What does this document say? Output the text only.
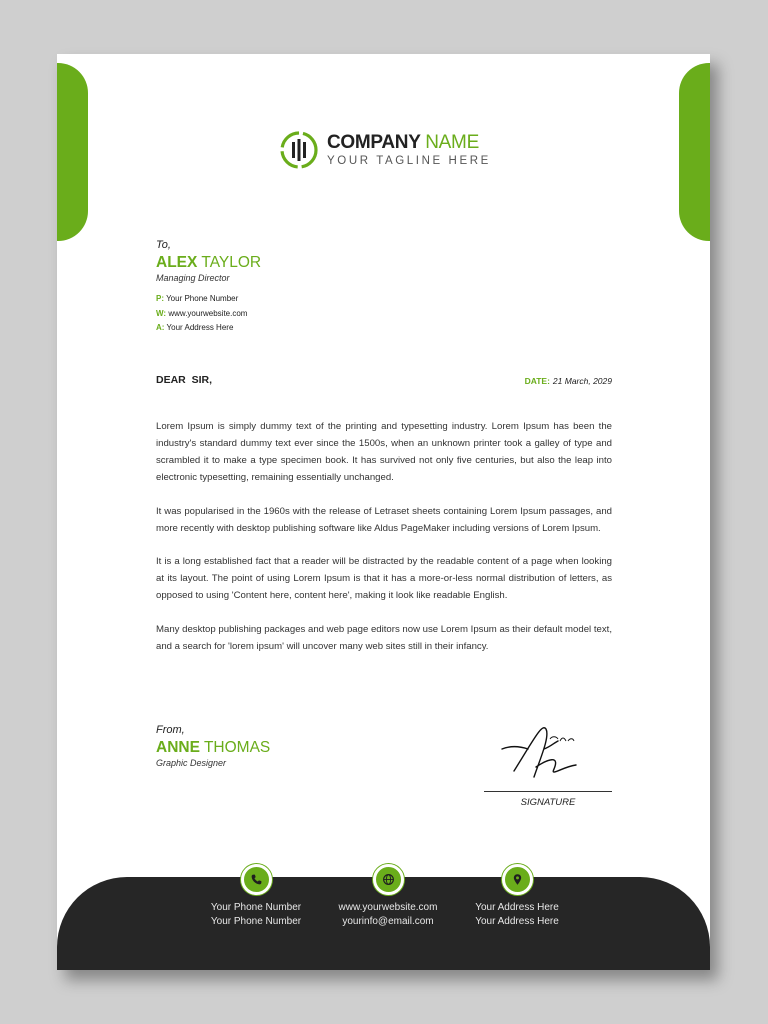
COMPANY NAME
YOUR TAGLINE HERE
To,
ALEX TAYLOR
Managing Director
P: Your Phone Number
W: www.yourwebsite.com
A: Your Address Here
DEAR  SIR,	DATE: 21 March, 2029

Lorem Ipsum is simply dummy text of the printing and typesetting industry. Lorem Ipsum has been the industry's standard dummy text ever since the 1500s, when an unknown printer took a galley of type and scrambled it to make a type specimen book. It has survived not only five centuries, but also the leap into electronic typesetting, remaining essentially unchanged.

It was popularised in the 1960s with the release of Letraset sheets containing Lorem Ipsum passages, and more recently with desktop publishing software like Aldus PageMaker including versions of Lorem Ipsum.

It is a long established fact that a reader will be distracted by the readable content of a page when looking at its layout. The point of using Lorem Ipsum is that it has a more-or-less normal distribution of letters, as opposed to using 'Content here, content here', making it look like readable English.

Many desktop publishing packages and web page editors now use Lorem Ipsum as their default model text, and a search for 'lorem ipsum' will uncover many web sites still in their infancy.

From,
ANNE THOMAS
Graphic Designer
SIGNATURE
Your Phone Number
Your Phone Number
www.yourwebsite.com
yourinfo@email.com
Your Address Here
Your Address Here
